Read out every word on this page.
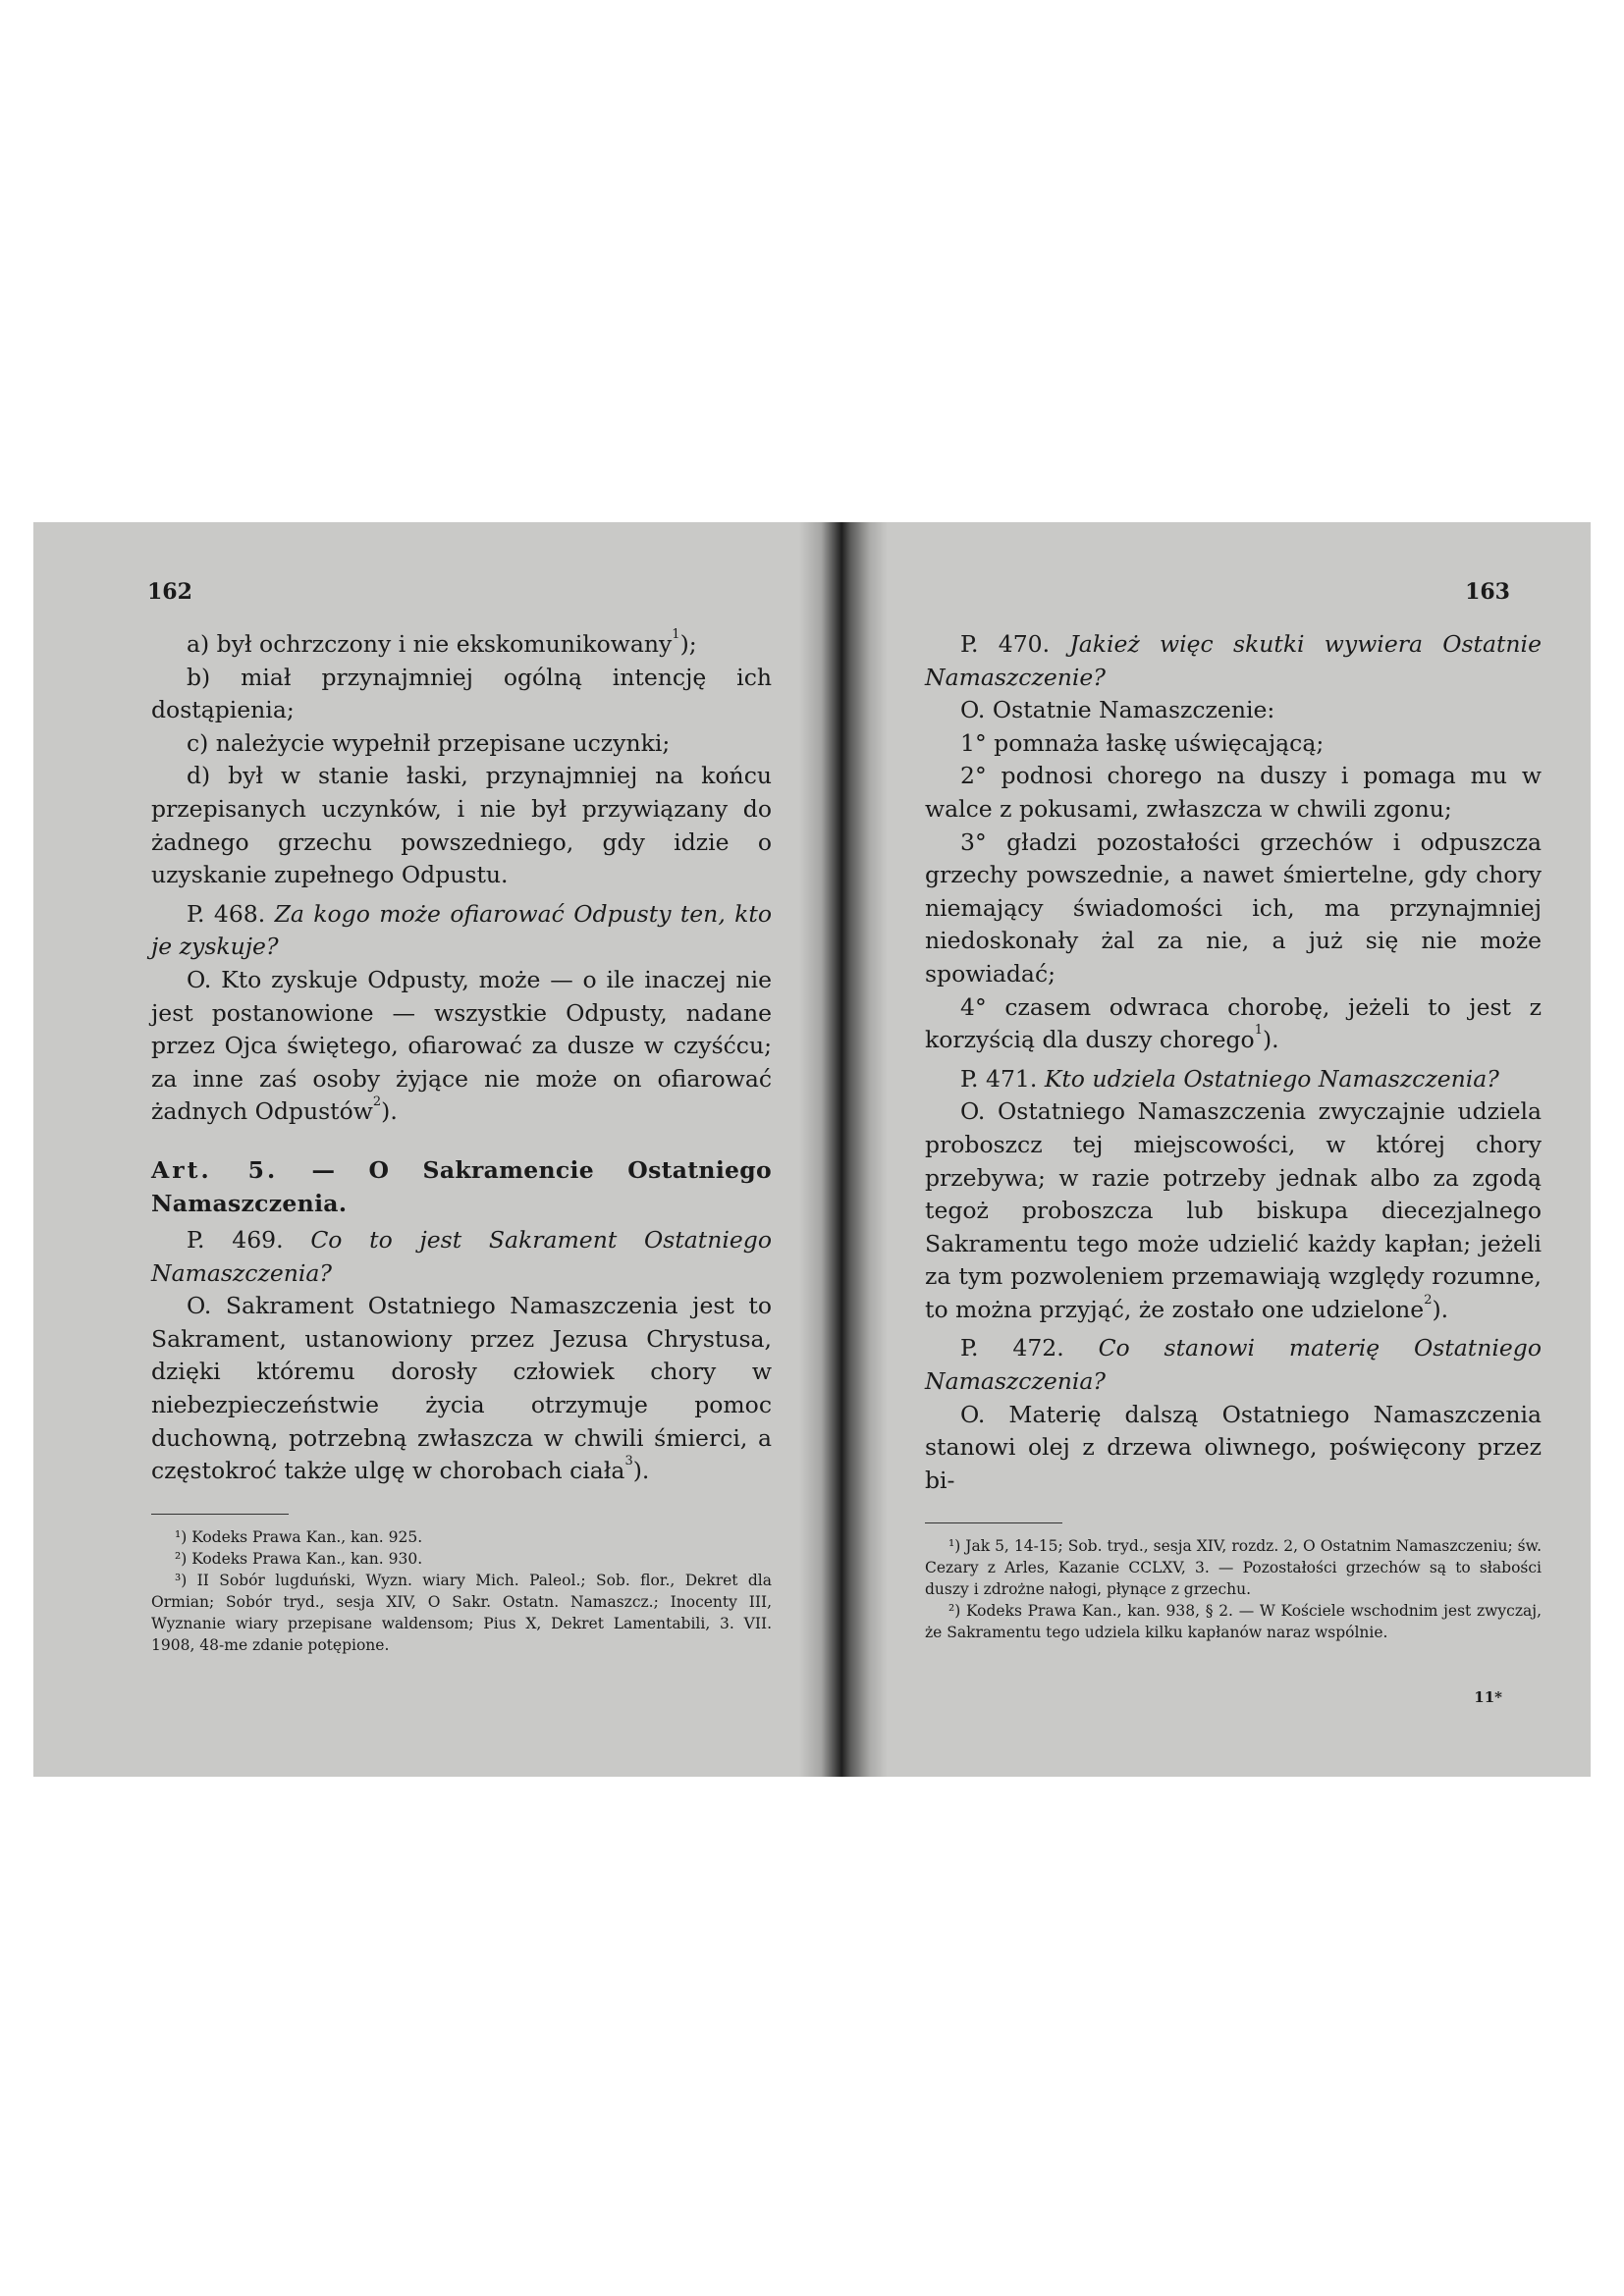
162

a) był ochrzczony i nie ekskomunikowany$^1$);

b) miał przynajmniej ogólną intencję ich dostąpienia;

c) należycie wypełnił przepisane uczynki;

d) był w stanie łaski, przynajmniej na końcu przepisanych uczynków, i nie był przywiązany do żadnego grzechu powszedniego, gdy idzie o uzyskanie zupełnego Odpustu.

P. 468. Za kogo może ofiarować Odpusty ten, kto je zyskuje?

O. Kto zyskuje Odpusty, może — o ile inaczej nie jest postanowione — wszystkie Odpusty, nadane przez Ojca świętego, ofiarować za dusze w czyśćcu; za inne zaś osoby żyjące nie może on ofiarować żadnych Odpustów$^2$).

Art. 5. — O Sakramencie Ostatniego Namaszczenia.

P. 469. Co to jest Sakrament Ostatniego Namaszczenia?

O. Sakrament Ostatniego Namaszczenia jest to Sakrament, ustanowiony przez Jezusa Chrystusa, dzięki któremu dorosły człowiek chory w niebezpieczeństwie życia otrzymuje pomoc duchowną, potrzebną zwłaszcza w chwili śmierci, a częstokroć także ulgę w chorobach ciała$^3$).

¹) Kodeks Prawa Kan., kan. 925.

²) Kodeks Prawa Kan., kan. 930.

³) II Sobór lugduński, Wyzn. wiary Mich. Paleol.; Sob. flor., Dekret dla Ormian; Sobór tryd., sesja XIV, O Sakr. Ostatn. Namaszcz.; Inocenty III, Wyznanie wiary przepisane waldensom; Pius X, Dekret Lamentabili, 3. VII. 1908, 48-me zdanie potępione.

163

P. 470. Jakież więc skutki wywiera Ostatnie Namaszczenie?

O. Ostatnie Namaszczenie:

1° pomnaża łaskę uświęcającą;

2° podnosi chorego na duszy i pomaga mu w walce z pokusami, zwłaszcza w chwili zgonu;

3° gładzi pozostałości grzechów i odpuszcza grzechy powszednie, a nawet śmiertelne, gdy chory niemający świadomości ich, ma przynajmniej niedoskonały żal za nie, a już się nie może spowiadać;

4° czasem odwraca chorobę, jeżeli to jest z korzyścią dla duszy chorego$^1$).

P. 471. Kto udziela Ostatniego Namaszczenia?

O. Ostatniego Namaszczenia zwyczajnie udziela proboszcz tej miejscowości, w której chory przebywa; w razie potrzeby jednak albo za zgodą tegoż proboszcza lub biskupa diecezjalnego Sakramentu tego może udzielić każdy kapłan; jeżeli za tym pozwoleniem przemawiają względy rozumne, to można przyjąć, że zostało one udzielone$^2$).

P. 472. Co stanowi materię Ostatniego Namaszczenia?

O. Materię dalszą Ostatniego Namaszczenia stanowi olej z drzewa oliwnego, poświęcony przez bi-

¹) Jak 5, 14-15; Sob. tryd., sesja XIV, rozdz. 2, O Ostatnim Namaszczeniu; św. Cezary z Arles, Kazanie CCLXV, 3. — Pozostałości grzechów są to słabości duszy i zdrożne nałogi, płynące z grzechu.

²) Kodeks Prawa Kan., kan. 938, § 2. — W Kościele wschodnim jest zwyczaj, że Sakramentu tego udziela kilku kapłanów naraz wspólnie.

11*
